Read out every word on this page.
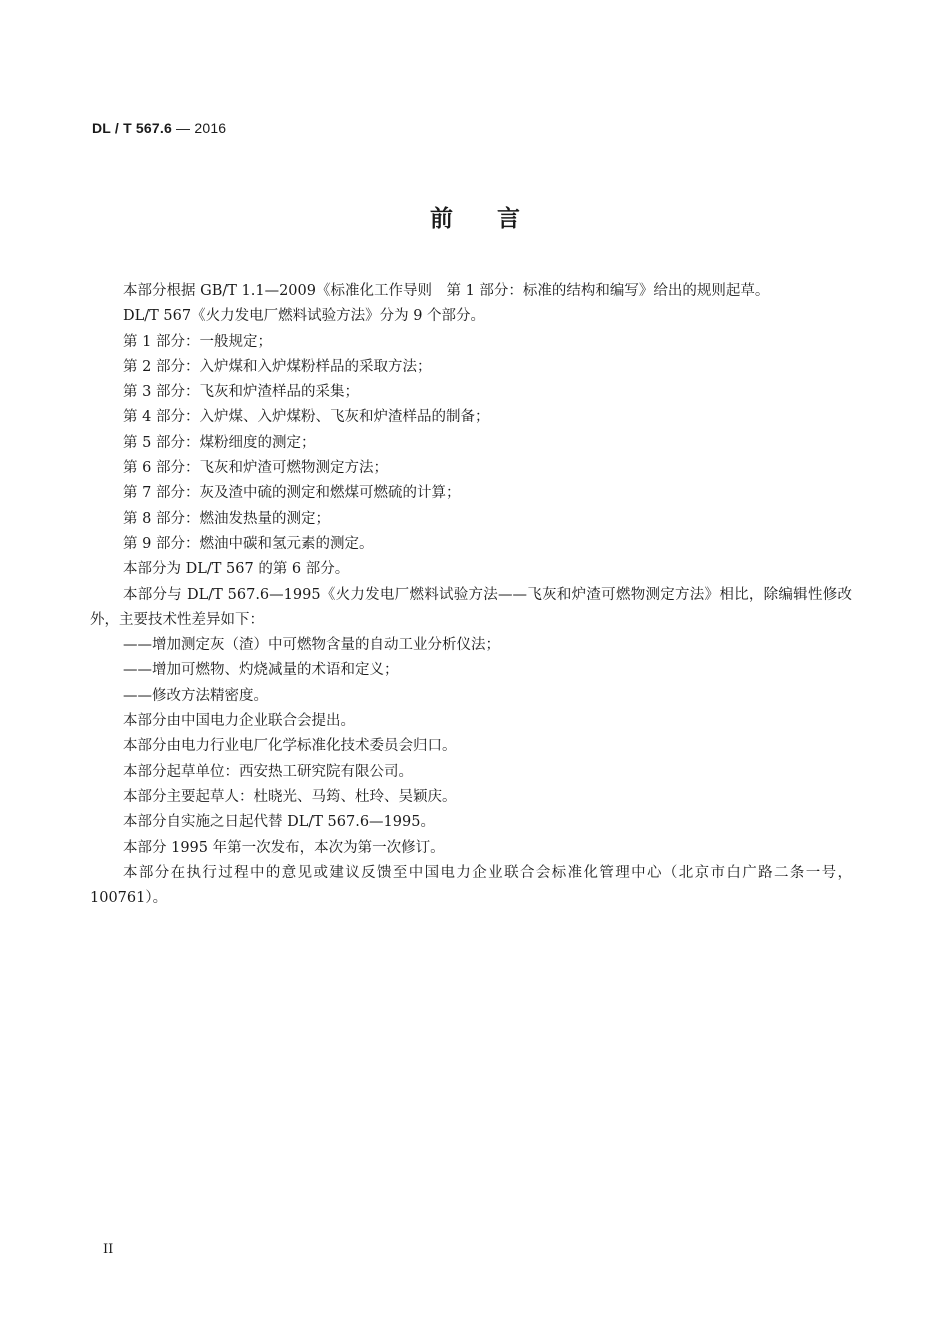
DL / T 567.6 — 2016
前言

本部分根据 GB/T 1.1—2009《标准化工作导则　第 1 部分：标准的结构和编写》给出的规则起草。

DL/T 567《火力发电厂燃料试验方法》分为 9 个部分。

第 1 部分：一般规定；

第 2 部分：入炉煤和入炉煤粉样品的采取方法；

第 3 部分：飞灰和炉渣样品的采集；

第 4 部分：入炉煤、入炉煤粉、飞灰和炉渣样品的制备；

第 5 部分：煤粉细度的测定；

第 6 部分：飞灰和炉渣可燃物测定方法；

第 7 部分：灰及渣中硫的测定和燃煤可燃硫的计算；

第 8 部分：燃油发热量的测定；

第 9 部分：燃油中碳和氢元素的测定。

本部分为 DL/T 567 的第 6 部分。

本部分与 DL/T 567.6—1995《火力发电厂燃料试验方法——飞灰和炉渣可燃物测定方法》相比，除编辑性修改外，主要技术性差异如下：

——增加测定灰（渣）中可燃物含量的自动工业分析仪法；

——增加可燃物、灼烧减量的术语和定义；

——修改方法精密度。

本部分由中国电力企业联合会提出。

本部分由电力行业电厂化学标准化技术委员会归口。

本部分起草单位：西安热工研究院有限公司。

本部分主要起草人：杜晓光、马筠、杜玲、吴颖庆。

本部分自实施之日起代替 DL/T 567.6—1995。

本部分 1995 年第一次发布，本次为第一次修订。

本部分在执行过程中的意见或建议反馈至中国电力企业联合会标准化管理中心（北京市白广路二条一号，100761）。

II
